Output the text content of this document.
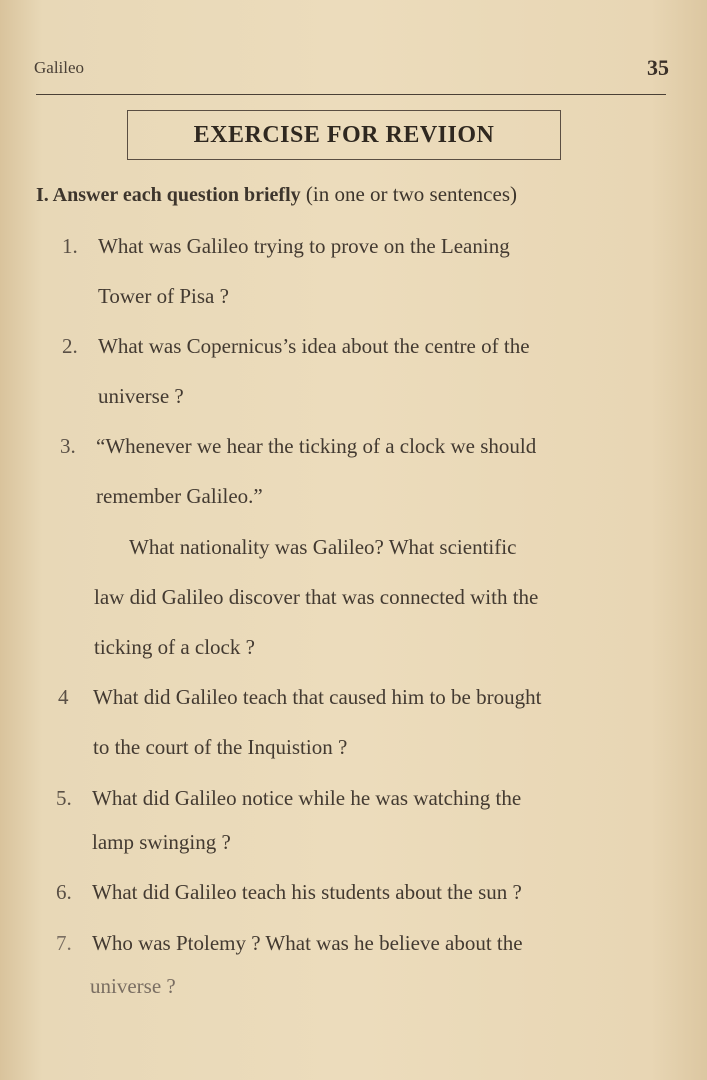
Galileo	35
EXERCISE FOR REVIION
I. Answer each question briefly (in one or two sentences)
1. What was Galileo trying to prove on the Leaning
Tower of Pisa ?
2. What was Copernicus’s idea about the centre of the
universe ?
3. “Whenever we hear the ticking of a clock we should
remember Galileo.”
What nationality was Galileo? What scientific
law did Galileo discover that was connected with the
ticking of a clock ?
4 What did Galileo teach that caused him to be brought
to the court of the Inquistion ?
5. What did Galileo notice while he was watching the
lamp swinging ?
6. What did Galileo teach his students about the sun ?
7. Who was Ptolemy ? What was he believe about the
universe ?
